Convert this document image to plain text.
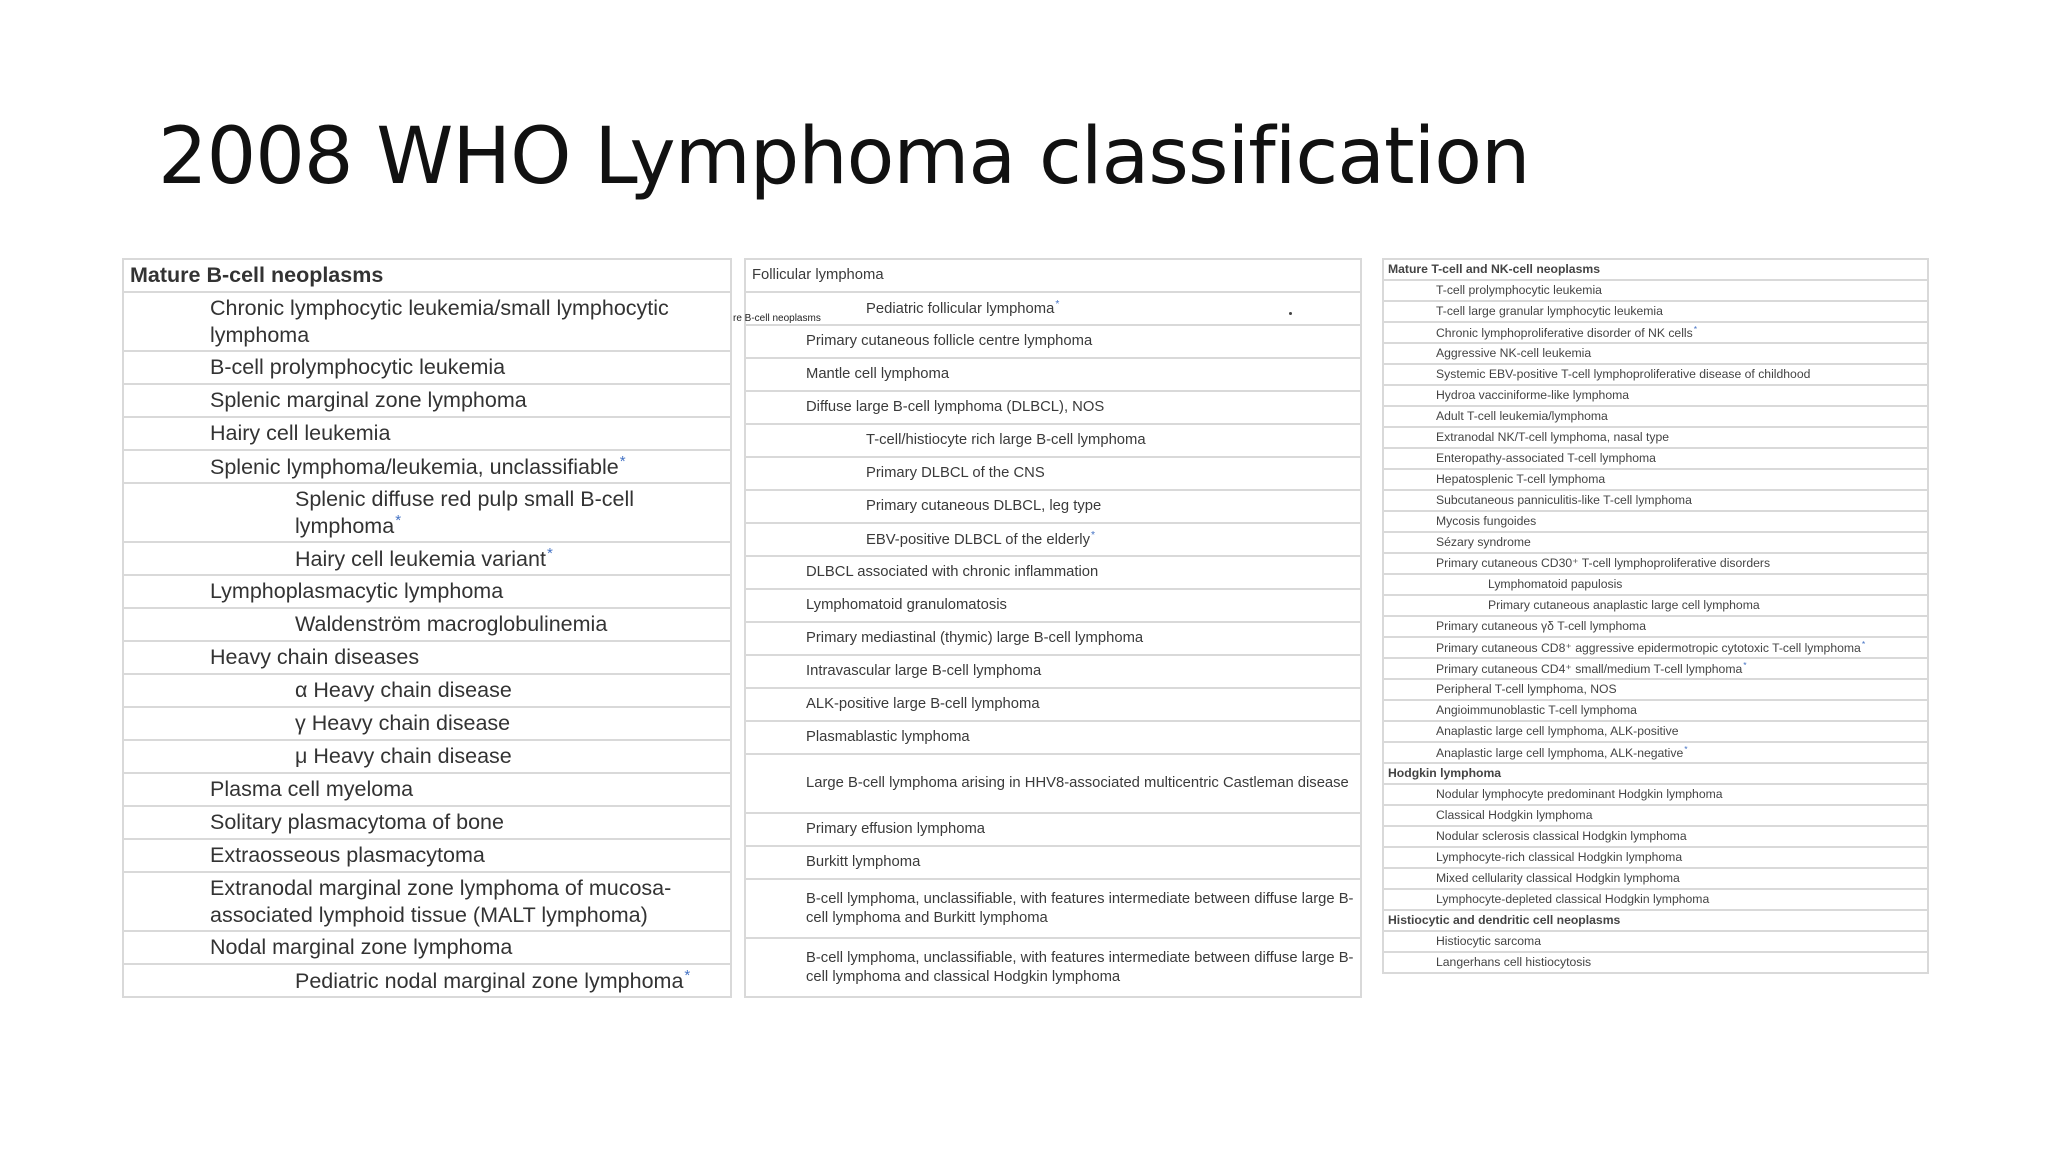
2008 WHO Lymphoma classification
Mature B-cell neoplasms
Chronic lymphocytic leukemia/small lymphocytic lymphoma
B-cell prolymphocytic leukemia
Splenic marginal zone lymphoma
Hairy cell leukemia
Splenic lymphoma/leukemia, unclassifiable*
Splenic diffuse red pulp small B-cell lymphoma*
Hairy cell leukemia variant*
Lymphoplasmacytic lymphoma
Waldenström macroglobulinemia
Heavy chain diseases
α Heavy chain disease
γ Heavy chain disease
μ Heavy chain disease
Plasma cell myeloma
Solitary plasmacytoma of bone
Extraosseous plasmacytoma
Extranodal marginal zone lymphoma of mucosa-associated lymphoid tissue (MALT lymphoma)
Nodal marginal zone lymphoma
Pediatric nodal marginal zone lymphoma*
Follicular lymphoma
Pediatric follicular lymphoma*
Primary cutaneous follicle centre lymphoma
Mantle cell lymphoma
Diffuse large B-cell lymphoma (DLBCL), NOS
T-cell/histiocyte rich large B-cell lymphoma
Primary DLBCL of the CNS
Primary cutaneous DLBCL, leg type
EBV-positive DLBCL of the elderly*
DLBCL associated with chronic inflammation
Lymphomatoid granulomatosis
Primary mediastinal (thymic) large B-cell lymphoma
Intravascular large B-cell lymphoma
ALK-positive large B-cell lymphoma
Plasmablastic lymphoma
Large B-cell lymphoma arising in HHV8-associated multicentric Castleman disease
Primary effusion lymphoma
Burkitt lymphoma
B-cell lymphoma, unclassifiable, with features intermediate between diffuse large B-cell lymphoma and Burkitt lymphoma
B-cell lymphoma, unclassifiable, with features intermediate between diffuse large B-cell lymphoma and classical Hodgkin lymphoma
Mature T-cell and NK-cell neoplasms
T-cell prolymphocytic leukemia
T-cell large granular lymphocytic leukemia
Chronic lymphoproliferative disorder of NK cells*
Aggressive NK-cell leukemia
Systemic EBV-positive T-cell lymphoproliferative disease of childhood
Hydroa vacciniforme-like lymphoma
Adult T-cell leukemia/lymphoma
Extranodal NK/T-cell lymphoma, nasal type
Enteropathy-associated T-cell lymphoma
Hepatosplenic T-cell lymphoma
Subcutaneous panniculitis-like T-cell lymphoma
Mycosis fungoides
Sézary syndrome
Primary cutaneous CD30⁺ T-cell lymphoproliferative disorders
Lymphomatoid papulosis
Primary cutaneous anaplastic large cell lymphoma
Primary cutaneous γδ T-cell lymphoma
Primary cutaneous CD8⁺ aggressive epidermotropic cytotoxic T-cell lymphoma*
Primary cutaneous CD4⁺ small/medium T-cell lymphoma*
Peripheral T-cell lymphoma, NOS
Angioimmunoblastic T-cell lymphoma
Anaplastic large cell lymphoma, ALK-positive
Anaplastic large cell lymphoma, ALK-negative*
Hodgkin lymphoma
Nodular lymphocyte predominant Hodgkin lymphoma
Classical Hodgkin lymphoma
Nodular sclerosis classical Hodgkin lymphoma
Lymphocyte-rich classical Hodgkin lymphoma
Mixed cellularity classical Hodgkin lymphoma
Lymphocyte-depleted classical Hodgkin lymphoma
Histiocytic and dendritic cell neoplasms
Histiocytic sarcoma
Langerhans cell histiocytosis
re B-cell neoplasms
